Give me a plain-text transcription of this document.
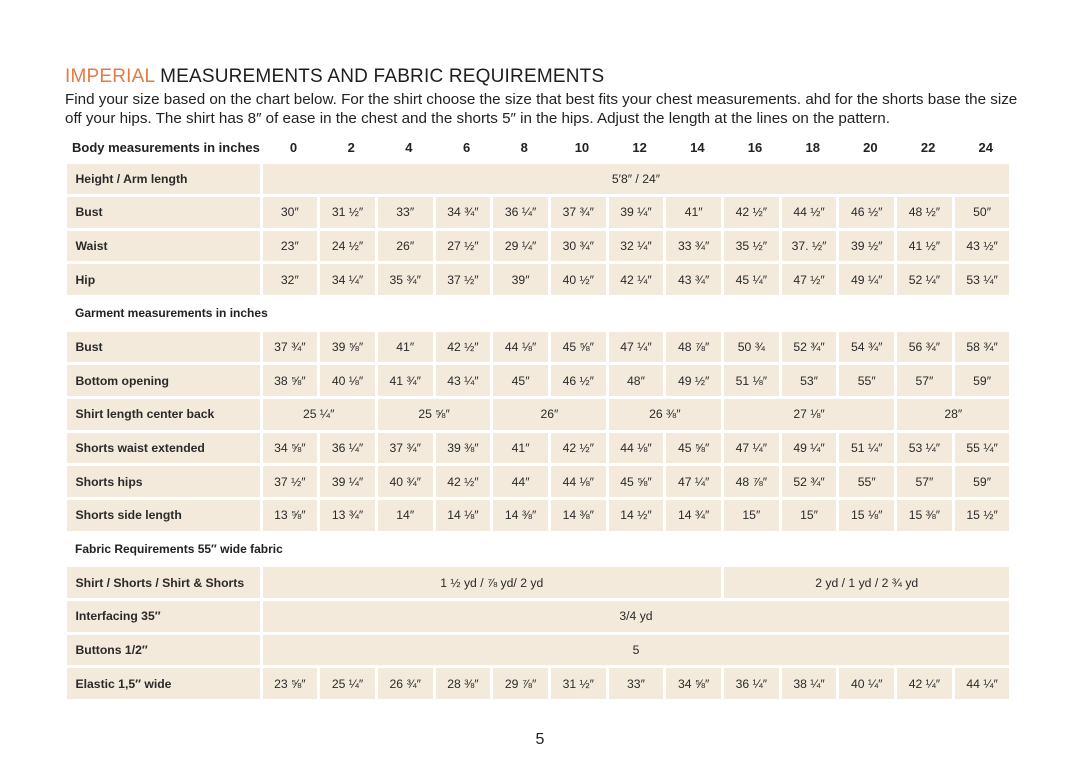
IMPERIAL MEASUREMENTS AND FABRIC REQUIREMENTS

Find your size based on the chart below. For the shirt choose the size that best fits your chest measurements. ahd for the shorts base the size off your hips. The shirt has 8″ of ease in the chest and the shorts 5″ in the hips. Adjust the length at the lines on the pattern.

Body measurements in inches	0	2	4	6	8	10	12	14	16	18	20	22	24
Height / Arm length	5′8″ / 24″
Bust	30″	31 ½″	33″	34 ¾″	36 ¼″	37 ¾″	39 ¼″	41″	42 ½″	44 ½″	46 ½″	48 ½″	50″
Waist	23″	24 ½″	26″	27 ½″	29 ¼″	30 ¾″	32 ¼″	33 ¾″	35 ½″	37. ½″	39 ½″	41 ½″	43 ½″
Hip	32″	34 ¼″	35 ¾″	37 ½″	39″	40 ½″	42 ¼″	43 ¾″	45 ¼″	47 ½″	49 ¼″	52 ¼″	53 ¼″
Garment measurements in inches
Bust	37 ¾″	39 ⅝″	41″	42 ½″	44 ⅛″	45 ⅝″	47 ¼″	48 ⅞″	50 ¾	52 ¾″	54 ¾″	56 ¾″	58 ¾″
Bottom opening	38 ⅝″	40 ⅛″	41 ¾″	43 ¼″	45″	46 ½″	48″	49 ½″	51 ⅛″	53″	55″	57″	59″
Shirt length center back	25 ¼″	25 ⅝″	26″	26 ⅜″	27 ⅛″	28″
Shorts waist extended	34 ⅝″	36 ¼″	37 ¾″	39 ⅜″	41″	42 ½″	44 ⅛″	45 ⅝″	47 ¼″	49 ¼″	51 ¼″	53 ¼″	55 ¼″
Shorts hips	37 ½″	39 ¼″	40 ¾″	42 ½″	44″	44 ⅛″	45 ⅝″	47 ¼″	48 ⅞″	52 ¾″	55″	57″	59″
Shorts side length	13 ⅝″	13 ¾″	14″	14 ⅛″	14 ⅜″	14 ⅜″	14 ½″	14 ¾″	15″	15″	15 ⅛″	15 ⅜″	15 ½″
Fabric Requirements 55″ wide fabric
Shirt / Shorts / Shirt & Shorts	1 ½ yd / ⅞ yd/ 2 yd	2 yd / 1 yd / 2 ¾ yd
Interfacing 35″	3/4 yd
Buttons 1/2″	5
Elastic 1,5″ wide	23 ⅝″	25 ¼″	26 ¾″	28 ⅜″	29 ⅞″	31 ½″	33″	34 ⅝″	36 ¼″	38 ¼″	40 ¼″	42 ¼″	44 ¼″
5
